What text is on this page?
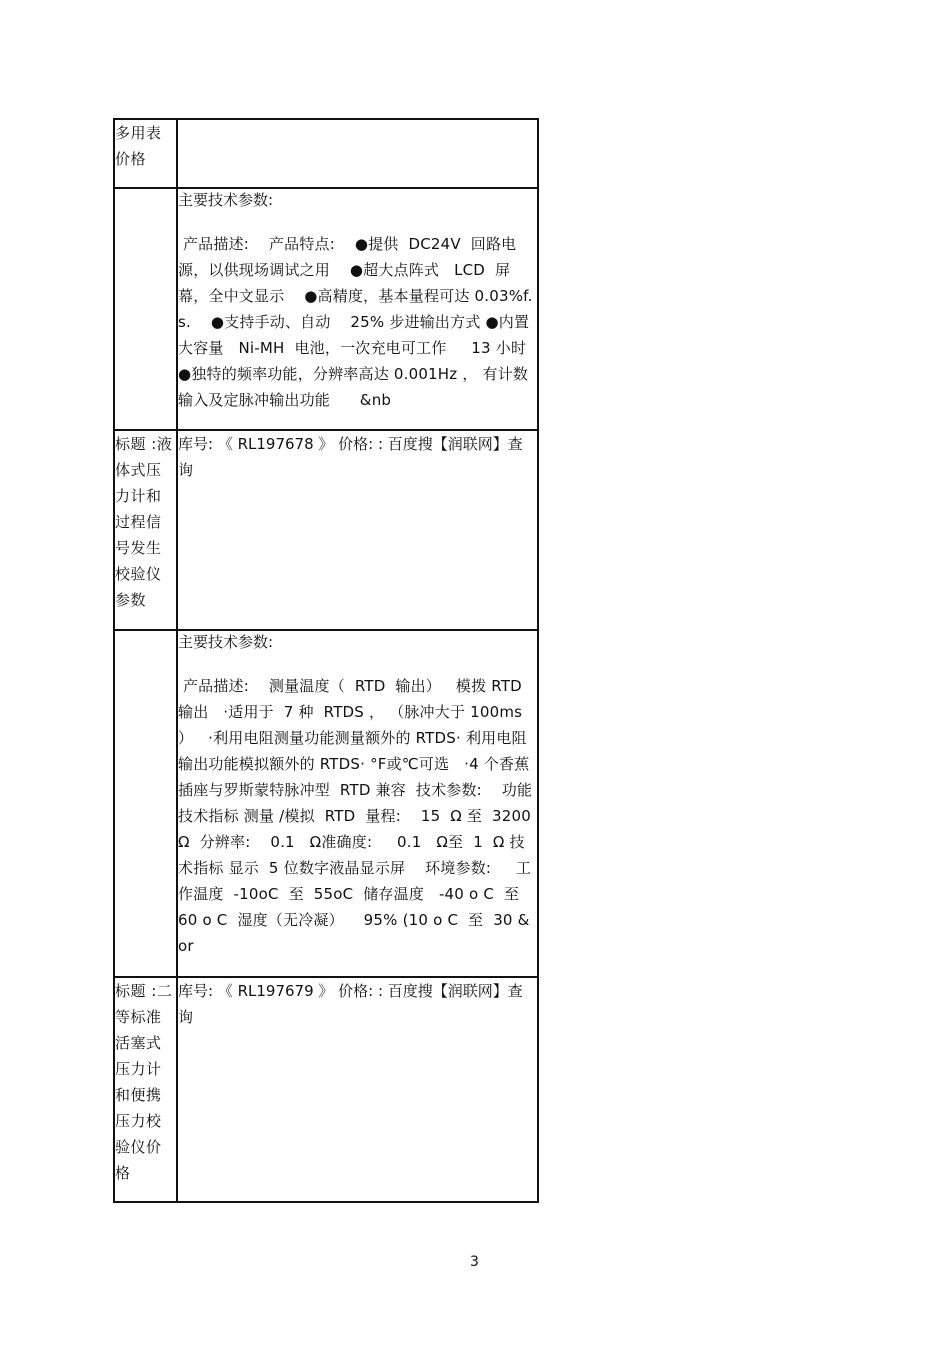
多用表价格	

	主要技术参数:
产品描述:    产品特点:    ●提供  DC24V  回路电源，以供现场调试之用    ●超大点阵式   LCD  屏幕，全中文显示    ●高精度，基本量程可达 0.03%f.s.    ●支持手动、自动    25% 步进输出方式 ●内置大容量   Ni-MH  电池，一次充电可工作     13 小时  ●独特的频率功能，分辨率高达 0.001Hz ， 有计数输入及定脉冲输出功能      &nb

标题 :液体式压力计和过程信号发生校验仪参数	库号: 《 RL197678 》 价格: : 百度搜【润联网】查询

	主要技术参数:
产品描述:    测量温度（  RTD  输出）   模拨 RTD 输出   ·适用于  7 种  RTDS ， （脉冲大于 100ms ）   ·利用电阻测量功能测量额外的 RTDS· 利用电阻输出功能模拟额外的 RTDS· °F或℃可选   ·4 个香蕉插座与罗斯蒙特脉冲型  RTD 兼容  技术参数:    功能技术指标 测量 /模拟  RTD  量程:    15  Ω 至  3200  Ω  分辨率:    0.1   Ω准确度:     0.1   Ω至  1  Ω 技术指标 显示  5 位数字液晶显示屏    环境参数:     工作温度  -10oC  至  55oC  储存温度   -40 o C  至  60 o C  湿度（无冷凝）    95% (10 o C  至  30 &or

标题 :二等标准活塞式压力计和便携压力校验仪价格	库号: 《 RL197679 》 价格: : 百度搜【润联网】查询
3
